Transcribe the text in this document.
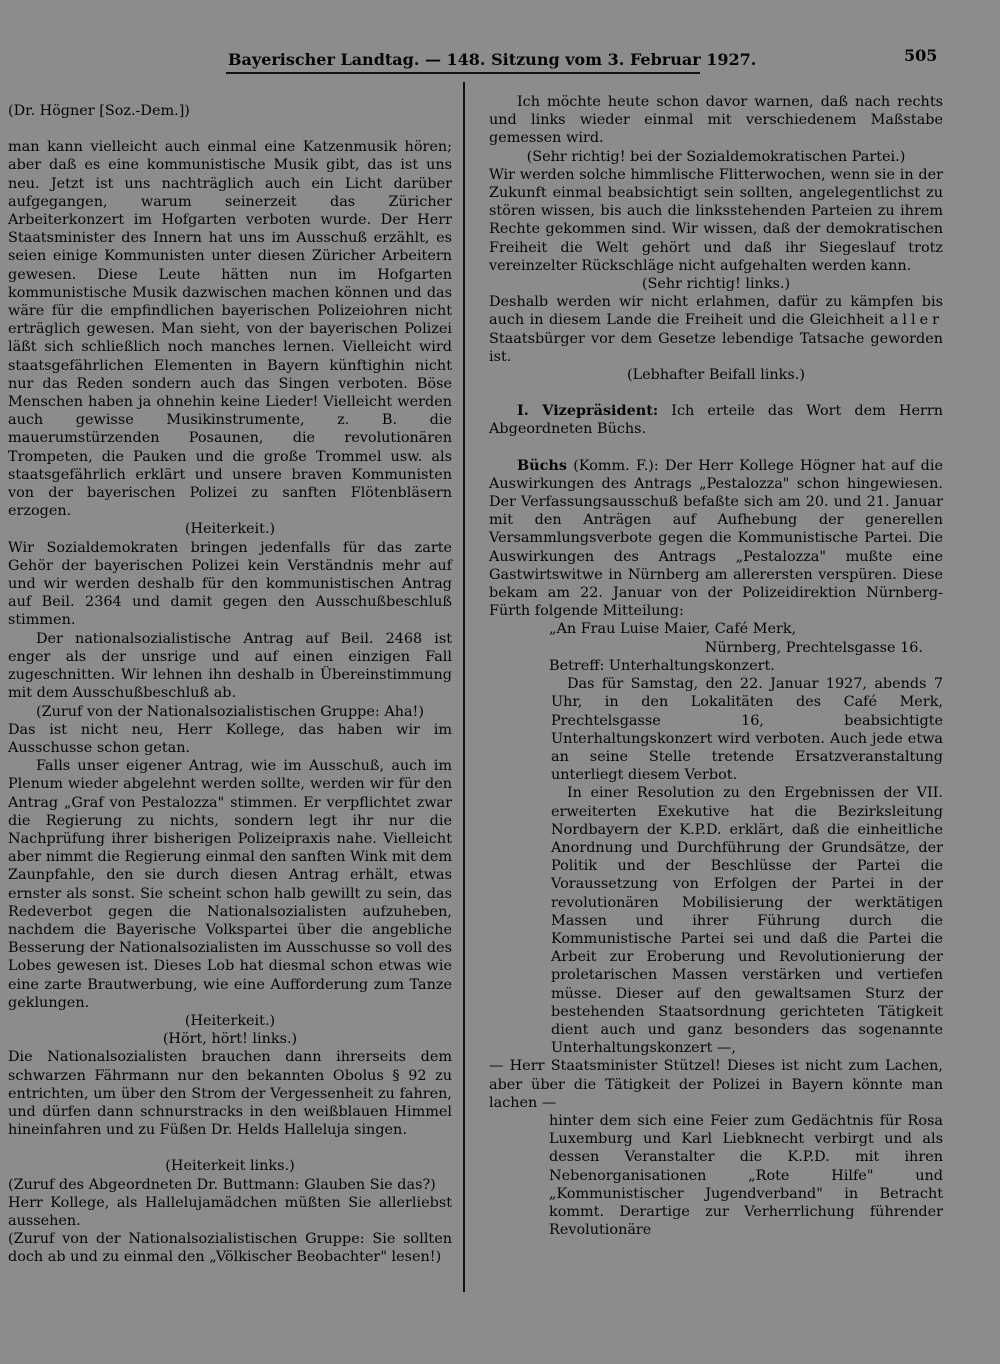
Bayerischer Landtag. — 148. Sitzung vom 3. Februar 1927.	505

(Dr. Högner [Soz.-Dem.])

man kann vielleicht auch einmal eine Katzenmusik hören; aber daß es eine kommunistische Musik gibt, das ist uns neu. Jetzt ist uns nachträglich auch ein Licht darüber aufgegangen, warum seinerzeit das Züricher Arbeiterkonzert im Hofgarten verboten wurde. Der Herr Staatsminister des Innern hat uns im Ausschuß erzählt, es seien einige Kommunisten unter diesen Züricher Arbeitern gewesen. Diese Leute hätten nun im Hofgarten kommunistische Musik dazwischen machen können und das wäre für die empfindlichen bayerischen Polizeiohren nicht erträglich gewesen. Man sieht, von der bayerischen Polizei läßt sich schließlich noch manches lernen. Vielleicht wird staatsgefährlichen Elementen in Bayern künftighin nicht nur das Reden sondern auch das Singen verboten. Böse Menschen haben ja ohnehin keine Lieder! Vielleicht werden auch gewisse Musikinstrumente, z. B. die mauerumstürzenden Posaunen, die revolutionären Trompeten, die Pauken und die große Trommel usw. als staatsgefährlich erklärt und unsere braven Kommunisten von der bayerischen Polizei zu sanften Flötenbläsern erzogen.

(Heiterkeit.)

Wir Sozialdemokraten bringen jedenfalls für das zarte Gehör der bayerischen Polizei kein Verständnis mehr auf und wir werden deshalb für den kommunistischen Antrag auf Beil. 2364 und damit gegen den Ausschußbeschluß stimmen.

Der nationalsozialistische Antrag auf Beil. 2468 ist enger als der unsrige und auf einen einzigen Fall zugeschnitten. Wir lehnen ihn deshalb in Übereinstimmung mit dem Ausschußbeschluß ab.

(Zuruf von der Nationalsozialistischen Gruppe: Aha!)

Das ist nicht neu, Herr Kollege, das haben wir im Ausschusse schon getan.

Falls unser eigener Antrag, wie im Ausschuß, auch im Plenum wieder abgelehnt werden sollte, werden wir für den Antrag „Graf von Pestalozza" stimmen. Er verpflichtet zwar die Regierung zu nichts, sondern legt ihr nur die Nachprüfung ihrer bisherigen Polizeipraxis nahe. Vielleicht aber nimmt die Regierung einmal den sanften Wink mit dem Zaunpfahle, den sie durch diesen Antrag erhält, etwas ernster als sonst. Sie scheint schon halb gewillt zu sein, das Redeverbot gegen die Nationalsozialisten aufzuheben, nachdem die Bayerische Volkspartei über die angebliche Besserung der Nationalsozialisten im Ausschusse so voll des Lobes gewesen ist. Dieses Lob hat diesmal schon etwas wie eine zarte Brautwerbung, wie eine Aufforderung zum Tanze geklungen.

(Heiterkeit.)

(Hört, hört! links.)

Die Nationalsozialisten brauchen dann ihrerseits dem schwarzen Fährmann nur den bekannten Obolus § 92 zu entrichten, um über den Strom der Vergessenheit zu fahren, und dürfen dann schnurstracks in den weißblauen Himmel hineinfahren und zu Füßen Dr. Helds Halleluja singen.

(Heiterkeit links.)

(Zuruf des Abgeordneten Dr. Buttmann: Glauben Sie das?)

Herr Kollege, als Hallelujamädchen müßten Sie allerliebst aussehen.

(Zuruf von der Nationalsozialistischen Gruppe: Sie sollten doch ab und zu einmal den „Völkischer Beobachter" lesen!)

Ich möchte heute schon davor warnen, daß nach rechts und links wieder einmal mit verschiedenem Maßstabe gemessen wird.

(Sehr richtig! bei der Sozialdemokratischen Partei.)

Wir werden solche himmlische Flitterwochen, wenn sie in der Zukunft einmal beabsichtigt sein sollten, angelegentlichst zu stören wissen, bis auch die linksstehenden Parteien zu ihrem Rechte gekommen sind. Wir wissen, daß der demokratischen Freiheit die Welt gehört und daß ihr Siegeslauf trotz vereinzelter Rückschläge nicht aufgehalten werden kann.

(Sehr richtig! links.)

Deshalb werden wir nicht erlahmen, dafür zu kämpfen bis auch in diesem Lande die Freiheit und die Gleichheit aller Staatsbürger vor dem Gesetze lebendige Tatsache geworden ist.

(Lebhafter Beifall links.)

I. Vizepräsident: Ich erteile das Wort dem Herrn Abgeordneten Büchs.

Büchs (Komm. F.): Der Herr Kollege Högner hat auf die Auswirkungen des Antrags „Pestalozza" schon hingewiesen. Der Verfassungsausschuß befaßte sich am 20. und 21. Januar mit den Anträgen auf Aufhebung der generellen Versammlungsverbote gegen die Kommunistische Partei. Die Auswirkungen des Antrags „Pestalozza" mußte eine Gastwirtswitwe in Nürnberg am allerersten verspüren. Diese bekam am 22. Januar von der Polizeidirektion Nürnberg-Fürth folgende Mitteilung:

„An Frau Luise Maier, Café Merk,

Nürnberg, Prechtelsgasse 16.

Betreff: Unterhaltungskonzert.

Das für Samstag, den 22. Januar 1927, abends 7 Uhr, in den Lokalitäten des Café Merk, Prechtelsgasse 16, beabsichtigte Unterhaltungskonzert wird verboten. Auch jede etwa an seine Stelle tretende Ersatzveranstaltung unterliegt diesem Verbot.

In einer Resolution zu den Ergebnissen der VII. erweiterten Exekutive hat die Bezirksleitung Nordbayern der K.P.D. erklärt, daß die einheitliche Anordnung und Durchführung der Grundsätze, der Politik und der Beschlüsse der Partei die Voraussetzung von Erfolgen der Partei in der revolutionären Mobilisierung der werktätigen Massen und ihrer Führung durch die Kommunistische Partei sei und daß die Partei die Arbeit zur Eroberung und Revolutionierung der proletarischen Massen verstärken und vertiefen müsse. Dieser auf den gewaltsamen Sturz der bestehenden Staatsordnung gerichteten Tätigkeit dient auch und ganz besonders das sogenannte Unterhaltungskonzert —,

— Herr Staatsminister Stützel! Dieses ist nicht zum Lachen, aber über die Tätigkeit der Polizei in Bayern könnte man lachen —

hinter dem sich eine Feier zum Gedächtnis für Rosa Luxemburg und Karl Liebknecht verbirgt und als dessen Veranstalter die K.P.D. mit ihren Nebenorganisationen „Rote Hilfe" und „Kommunistischer Jugendverband" in Betracht kommt. Derartige zur Verherrlichung führender Revolutionäre
